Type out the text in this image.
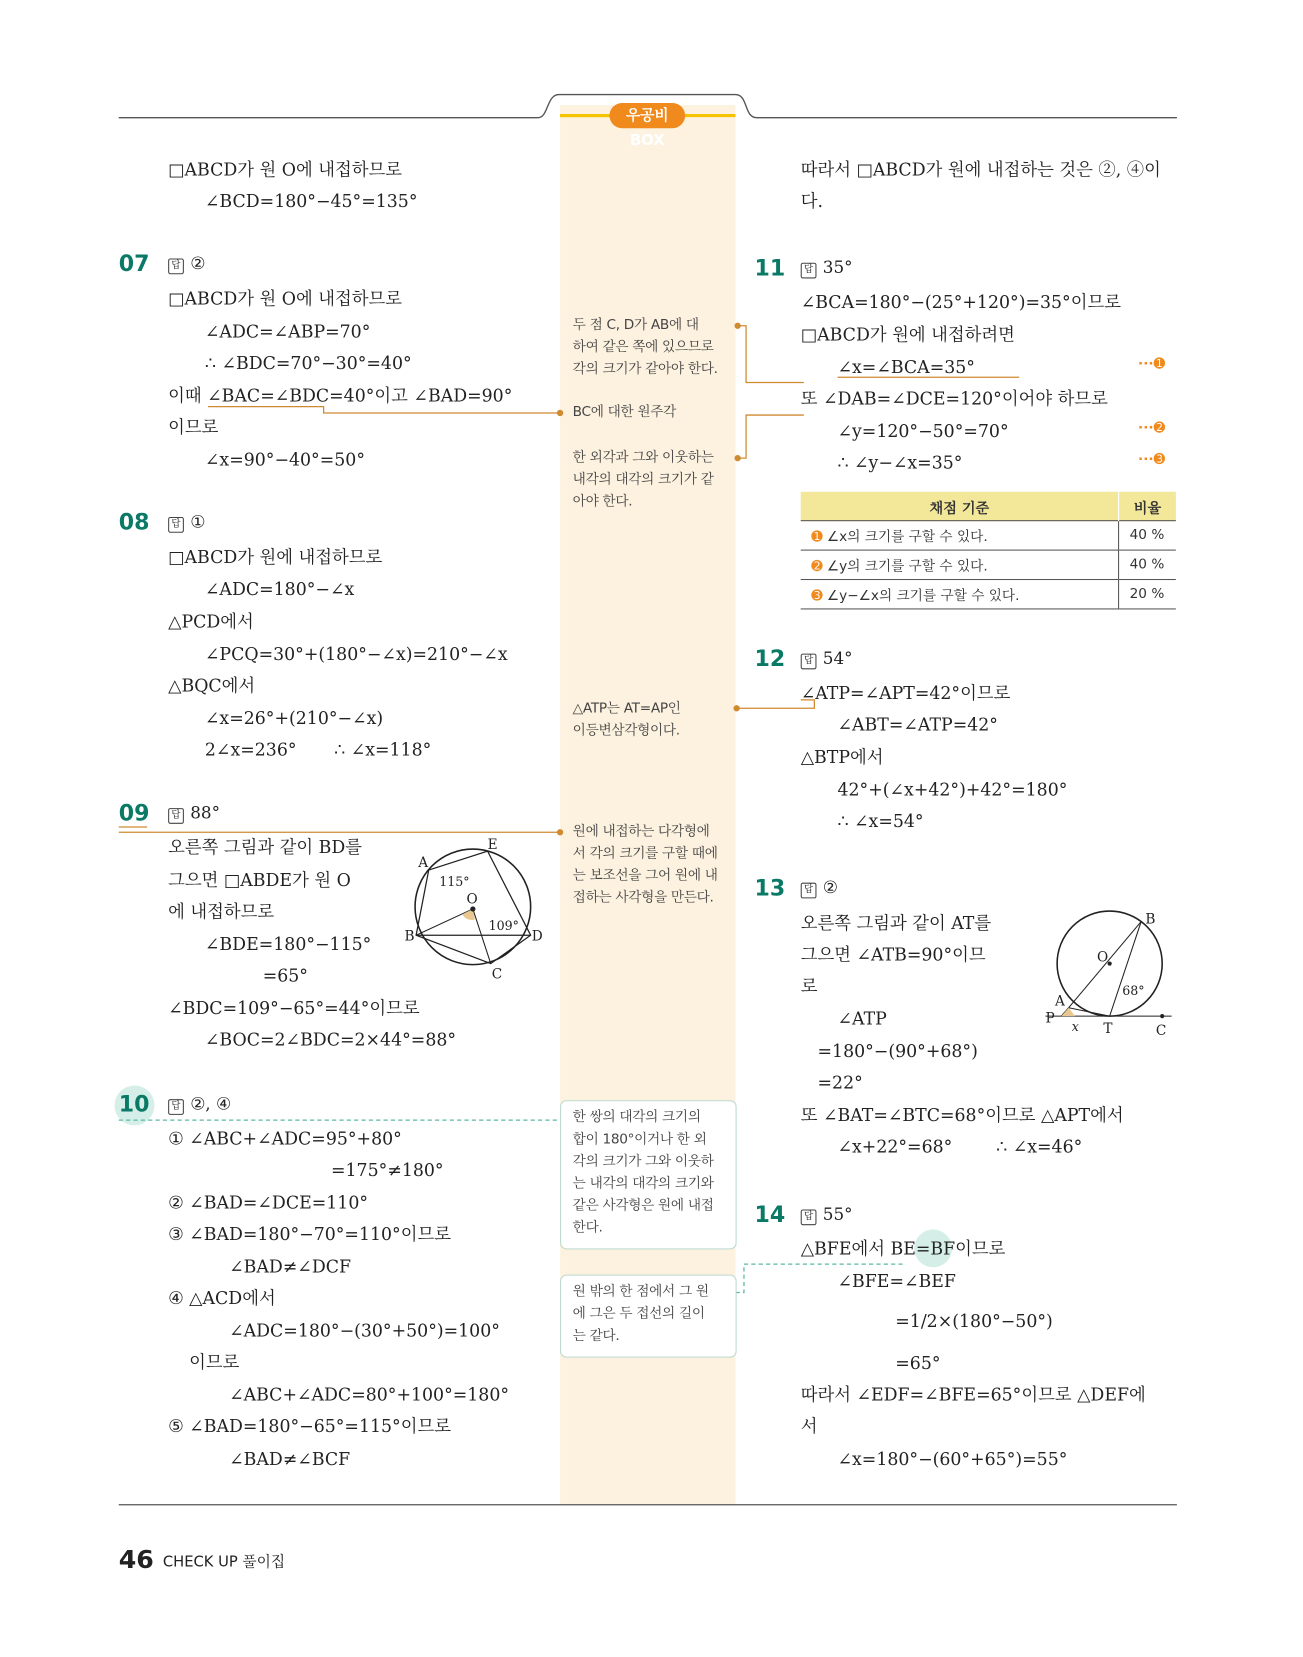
우공비 BOX
A
E
O
B	D
C
115°
109°	B
O
A
P x T	C
68°
채점 기준	비율
➊ ∠x의 크기를 구할 수 있다.	40 %
➋ ∠y의 크기를 구할 수 있다.	40 %
➌ ∠y−∠x의 크기를 구할 수 있다.	20 %
□ABCD가 원 O에 내접하므로
∠BCD=180°−45°=135°
□ABCD가 원 O에 내접하므로
∠ADC=∠ABP=70°
∴ ∠BDC=70°−30°=40°
이때 ∠BAC=∠BDC=40°이고 ∠BAD=90°
이므로
∠x=90°−40°=50°
□ABCD가 원에 내접하므로
∠ADC=180°−∠x
△PCD에서
∠PCQ=30°+(180°−∠x)=210°−∠x
△BQC에서
∠x=26°+(210°−∠x)
2∠x=236° ∴ ∠x=118°
오른쪽 그림과 같이 BD를
그으면 □ABDE가 원 O
에 내접하므로
∠BDE=180°−115°
=65°
∠BDC=109°−65°=44°이므로
∠BOC=2∠BDC=2×44°=88°
① ∠ABC+∠ADC=95°+80°
=175°≠180°
② ∠BAD=∠DCE=110°
③ ∠BAD=180°−70°=110°이므로
∠BAD≠∠DCF
④ △ACD에서
∠ADC=180°−(30°+50°)=100°
이므로
∠ABC+∠ADC=80°+100°=180°
⑤ ∠BAD=180°−65°=115°이므로
∠BAD≠∠BCF
따라서 □ABCD가 원에 내접하는 것은 ②, ④이
다.
∠BCA=180°−(25°+120°)=35°이므로
□ABCD가 원에 내접하려면
∠x=∠BCA=35°
또 ∠DAB=∠DCE=120°이어야 하므로
∠y=120°−50°=70°
∴ ∠y−∠x=35°
∠ATP=∠APT=42°이므로
∠ABT=∠ATP=42°
△BTP에서
42°+(∠x+42°)+42°=180°
∴ ∠x=54°
오른쪽 그림과 같이 AT를
그으면 ∠ATB=90°이므
로
∠ATP
=180°−(90°+68°)
=22°
또 ∠BAT=∠BTC=68°이므로 △APT에서
∠x+22°=68°	∴ ∠x=46°
△BFE에서 BE=BF이므로
∠BFE=∠BEF
=1/2×(180°−50°)
=65°
따라서 ∠EDF=∠BFE=65°이므로 △DEF에
서
∠x=180°−(60°+65°)=55°
07	답 ②
08	답 ①
09	답 88°
10	답 ②, ④
11	답 35°
12	답 54°
13	답 ②
14	답 55°
···➊
···➋
···➌
두 점 C, D가 AB에 대
하여 같은 쪽에 있으므로
각의 크기가 같아야 한다.
BC에 대한 원주각
한 외각과 그와 이웃하는
내각의 대각의 크기가 같
아야 한다.
△ATP는 AT=AP인
이등변삼각형이다.
원에 내접하는 다각형에
서 각의 크기를 구할 때에
는 보조선을 그어 원에 내
접하는 사각형을 만든다.
한 쌍의 대각의 크기의
합이 180°이거나 한 외
각의 크기가 그와 이웃하
는 내각의 대각의 크기와
같은 사각형은 원에 내접
한다.
원 밖의 한 점에서 그 원
에 그은 두 접선의 길이
는 같다.
46 CHECK UP 풀이집
